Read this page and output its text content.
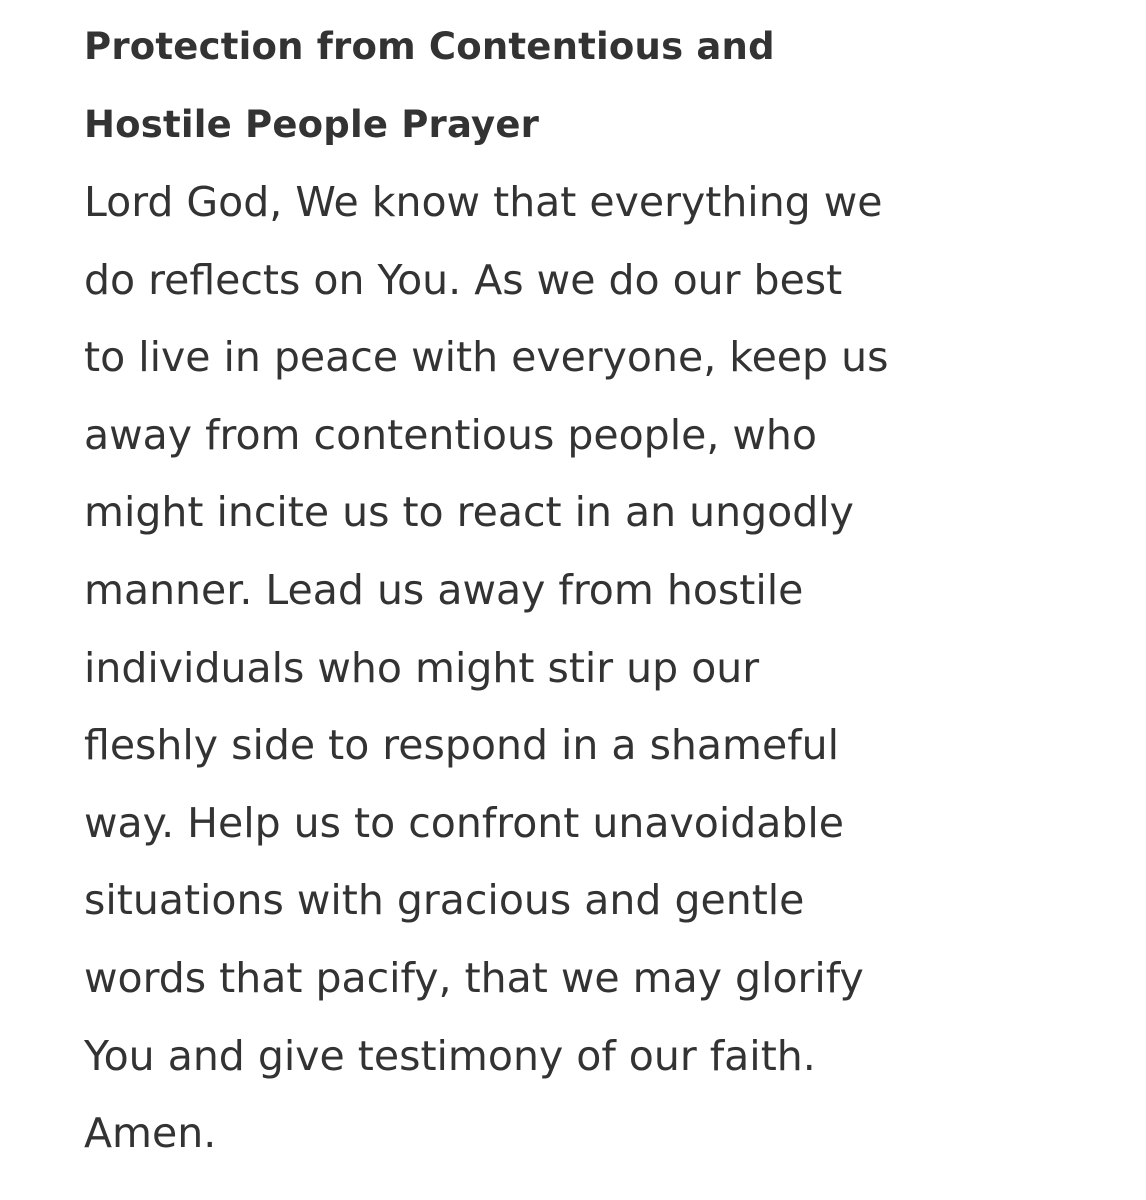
Protection from Contentious and
Hostile People Prayer

Lord God, We know that everything we
do reflects on You. As we do our best
to live in peace with everyone, keep us
away from contentious people, who
might incite us to react in an ungodly
manner. Lead us away from hostile
individuals who might stir up our
fleshly side to respond in a shameful
way. Help us to confront unavoidable
situations with gracious and gentle
words that pacify, that we may glorify
You and give testimony of our faith.
Amen.
